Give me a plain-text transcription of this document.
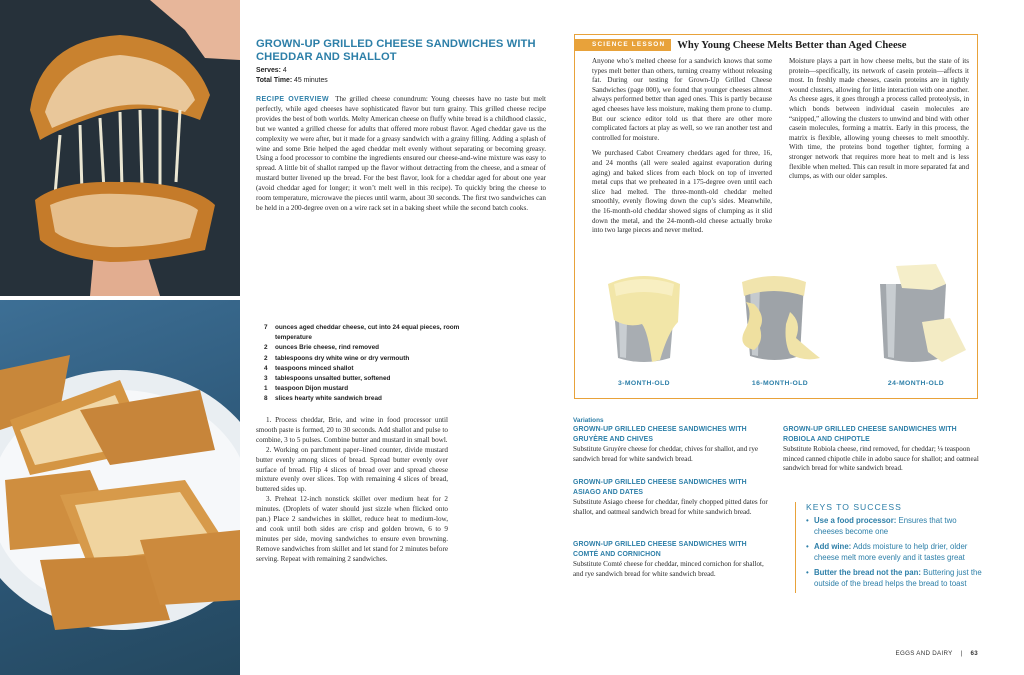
GROWN-UP GRILLED CHEESE SANDWICHES WITH CHEDDAR AND SHALLOT
Serves: 4
Total Time: 45 minutes

RECIPE OVERVIEW The grilled cheese conundrum: Young cheeses have no taste but melt perfectly, while aged cheeses have sophisticated flavor but turn grainy. This grilled cheese recipe provides the best of both worlds. Melty American cheese on fluffy white bread is a childhood classic, but we wanted a grilled cheese for adults that offered more robust flavor. Aged cheddar gave us the complexity we were after, but it made for a greasy sandwich with a grainy filling. Adding a splash of wine and some Brie helped the aged cheddar melt evenly without separating or becoming greasy. Using a food processor to combine the ingredients ensured our cheese-and-wine mixture was easy to spread. A little bit of shallot ramped up the flavor without detracting from the cheese, and a smear of mustard butter livened up the bread. For the best flavor, look for a cheddar aged for about one year (avoid cheddar aged for longer; it won’t melt well in this recipe). To quickly bring the cheese to room temperature, microwave the pieces until warm, about 30 seconds. The first two sandwiches can be held in a 200-degree oven on a wire rack set in a baking sheet while the second batch cooks.

7	ounces aged cheddar cheese, cut into 24 equal pieces, room temperature
2	ounces Brie cheese, rind removed
2	tablespoons dry white wine or dry vermouth
4	teaspoons minced shallot
3	tablespoons unsalted butter, softened
1	teaspoon Dijon mustard
8	slices hearty white sandwich bread

1. Process cheddar, Brie, and wine in food processor until smooth paste is formed, 20 to 30 seconds. Add shallot and pulse to combine, 3 to 5 pulses. Combine butter and mustard in small bowl.

2. Working on parchment paper–lined counter, divide mustard butter evenly among slices of bread. Spread butter evenly over surface of bread. Flip 4 slices of bread over and spread cheese mixture evenly over slices. Top with remaining 4 slices of bread, buttered sides up.

3. Preheat 12-inch nonstick skillet over medium heat for 2 minutes. (Droplets of water should just sizzle when flicked onto pan.) Place 2 sandwiches in skillet, reduce heat to medium-low, and cook until both sides are crisp and golden brown, 6 to 9 minutes per side, moving sandwiches to ensure even browning. Remove sandwiches from skillet and let stand for 2 minutes before serving. Repeat with remaining 2 sandwiches.

SCIENCE LESSON	Why Young Cheese Melts Better than Aged Cheese

Anyone who’s melted cheese for a sandwich knows that some types melt better than others, turning creamy without releasing fat. During our testing for Grown-Up Grilled Cheese Sandwiches (page 000), we found that younger cheeses almost always performed better than aged ones. This is partly because aged cheeses have less moisture, making them prone to clump. But our science editor told us that there are other more complicated factors at play as well, so we ran another test and controlled for moisture.

We purchased Cabot Creamery cheddars aged for three, 16, and 24 months (all were sealed against evaporation during aging) and baked slices from each block on top of inverted metal cups that we preheated in a 175-degree oven until each slice had melted. The three-month-old cheddar melted smoothly, evenly flowing down the cup’s sides. Meanwhile, the 16-month-old cheddar showed signs of clumping as it slid down the metal, and the 24-month-old cheese actually broke into two large pieces and never melted.

Moisture plays a part in how cheese melts, but the state of its protein—specifically, its network of casein protein—affects it most. In freshly made cheeses, casein proteins are in tightly wound clusters, allowing for little interaction with one another. As cheese ages, it goes through a process called proteolysis, in which bonds between individual casein molecules are “snipped,” allowing the clusters to unwind and bind with other casein molecules, forming a matrix. Early in this process, the matrix is flexible, allowing young cheeses to melt smoothly. With time, the proteins bond together tighter, forming a stronger network that requires more heat to melt and is less flexible when melted. This can result in more separated fat and clumps, as with our older samples.

3-MONTH-OLD	16-MONTH-OLD	24-MONTH-OLD
Variations
GROWN-UP GRILLED CHEESE SANDWICHES WITH GRUYÈRE AND CHIVES

Substitute Gruyère cheese for cheddar, chives for shallot, and rye sandwich bread for white sandwich bread.

GROWN-UP GRILLED CHEESE SANDWICHES WITH ASIAGO AND DATES

Substitute Asiago cheese for cheddar, finely chopped pitted dates for shallot, and oatmeal sandwich bread for white sandwich bread.

GROWN-UP GRILLED CHEESE SANDWICHES WITH COMTÉ AND CORNICHON

Substitute Comté cheese for cheddar, minced cornichon for shallot, and rye sandwich bread for white sandwich bread.

GROWN-UP GRILLED CHEESE SANDWICHES WITH ROBIOLA AND CHIPOTLE

Substitute Robiola cheese, rind removed, for cheddar; ⅛ teaspoon minced canned chipotle chile in adobo sauce for shallot; and oatmeal sandwich bread for white sandwich bread.

KEYS TO SUCCESS
• Use a food processor: Ensures that two cheeses become one
• Add wine: Adds moisture to help drier, older cheese melt more evenly and it tastes great
• Butter the bread not the pan: Buttering just the outside of the bread helps the bread to toast
EGGS AND DAIRY | 63
